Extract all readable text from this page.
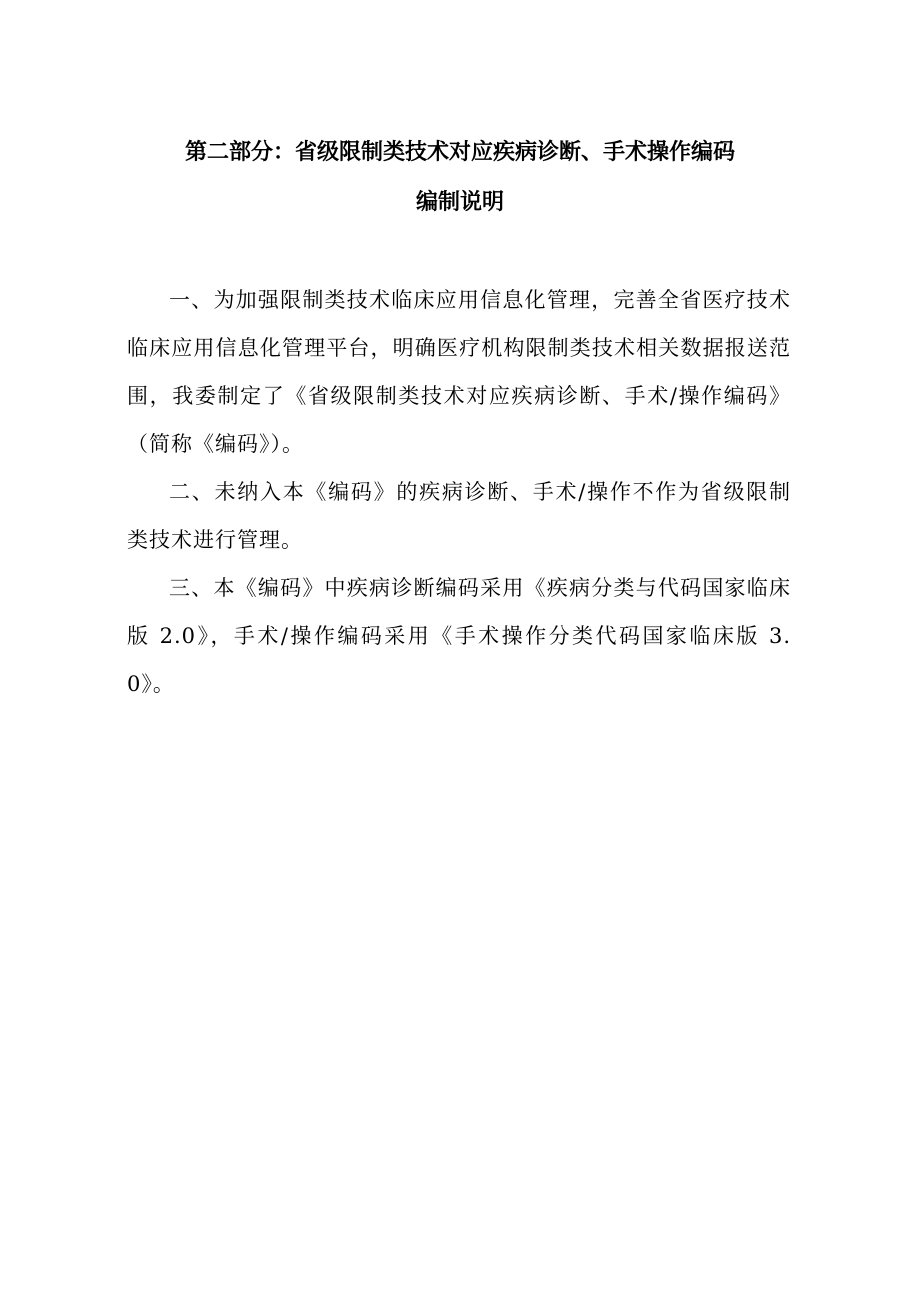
第二部分：省级限制类技术对应疾病诊断、手术操作编码
编制说明

一、为加强限制类技术临床应用信息化管理，完善全省医疗技术临床应用信息化管理平台，明确医疗机构限制类技术相关数据报送范围，我委制定了《省级限制类技术对应疾病诊断、手术/操作编码》（简称《编码》）。

二、未纳入本《编码》的疾病诊断、手术/操作不作为省级限制类技术进行管理。

三、本《编码》中疾病诊断编码采用《疾病分类与代码国家临床版 2.0》，手术/操作编码采用《手术操作分类代码国家临床版 3.0》。
